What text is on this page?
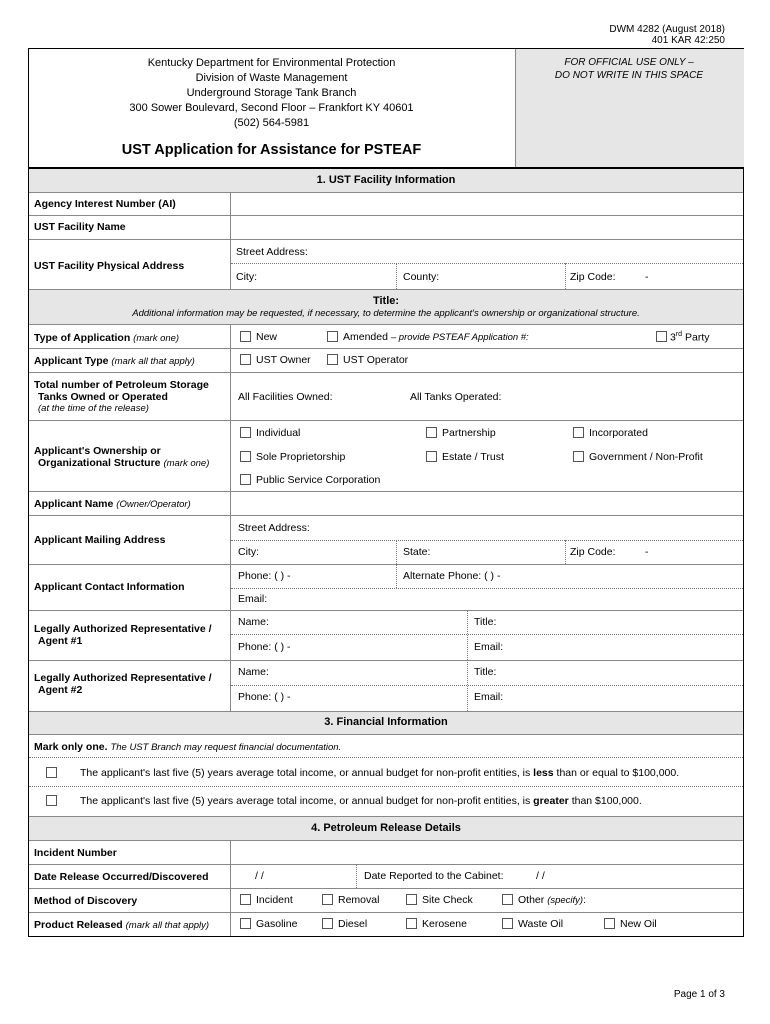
DWM 4282 (August 2018)
401 KAR 42:250
Kentucky Department for Environmental Protection
Division of Waste Management
Underground Storage Tank Branch
300 Sower Boulevard, Second Floor – Frankfort KY 40601
(502) 564-5981
UST Application for Assistance for PSTEAF
FOR OFFICIAL USE ONLY –
DO NOT WRITE IN THIS SPACE
1. UST Facility Information
Agency Interest Number (AI)
UST Facility Name
UST Facility Physical Address
Street Address:
City:	County:	Zip Code:	-
Title:
Additional information may be requested, if necessary, to determine the applicant's ownership or organizational structure.
Type of Application (mark one)	New	Amended – provide PSTEAF Application #:	3rd Party
Applicant Type (mark all that apply)	UST Owner	UST Operator
Total number of Petroleum Storage
Tanks Owned or Operated
(at the time of the release)
All Facilities Owned:	All Tanks Operated:
Applicant's Ownership or
Organizational Structure (mark one)
Individual	Partnership	Incorporated
Sole Proprietorship	Estate / Trust	Government / Non-Profit
Public Service Corporation
Applicant Name (Owner/Operator)
Applicant Mailing Address
Street Address:
City:	State:	Zip Code:	-
Applicant Contact Information
Phone: ( ) -	Alternate Phone: ( ) -
Email:
Legally Authorized Representative /
Agent #1
Name:	Title:
Phone: ( ) -	Email:
Legally Authorized Representative /
Agent #2
Name:	Title:
Phone: ( ) -	Email:
3. Financial Information
Mark only one. The UST Branch may request financial documentation.
The applicant's last five (5) years average total income, or annual budget for non-profit entities, is less than or equal to $100,000.
The applicant's last five (5) years average total income, or annual budget for non-profit entities, is greater than $100,000.
4. Petroleum Release Details
Incident Number
Date Release Occurred/Discovered	/ /	Date Reported to the Cabinet:	/ /
Method of Discovery	Incident	Removal	Site Check	Other (specify):
Product Released (mark all that apply)	Gasoline	Diesel	Kerosene	Waste Oil	New Oil
Page 1 of 3
